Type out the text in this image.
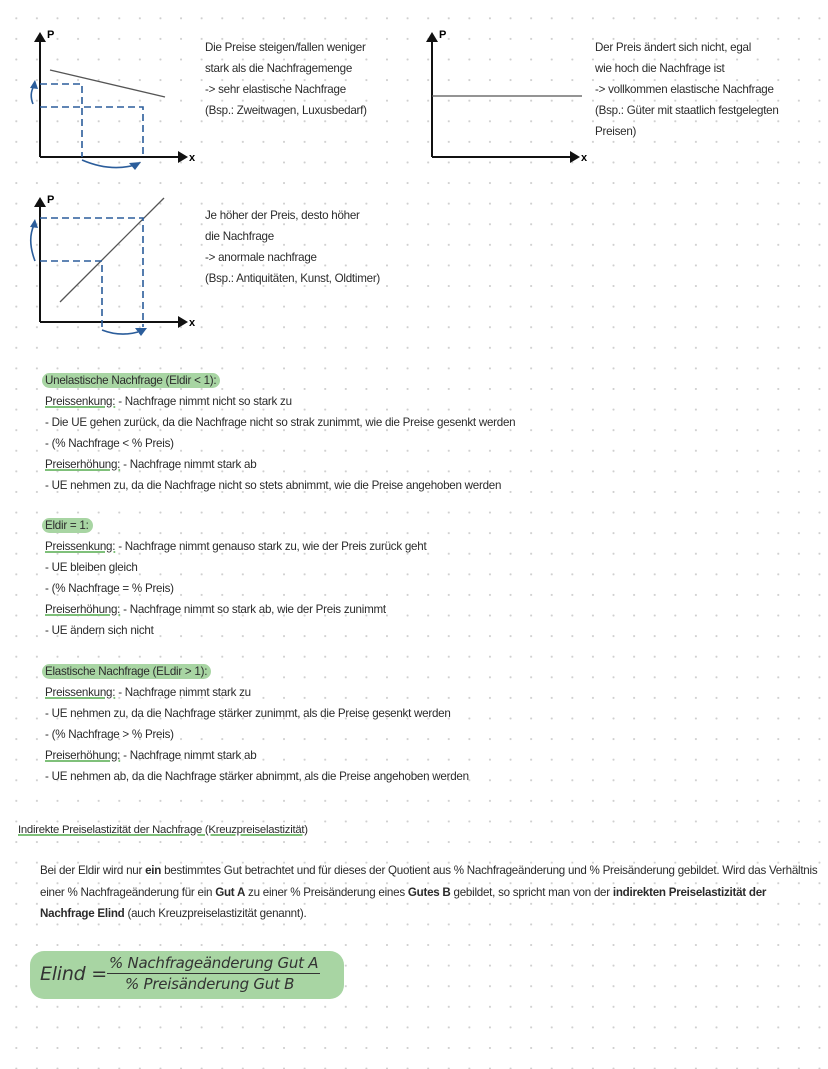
P
x
Die Preise steigen/fallen weniger
stark als die Nachfragemenge
-> sehr elastische Nachfrage
(Bsp.: Zweitwagen, Luxusbedarf)
P
x
Der Preis ändert sich nicht, egal
wie hoch die Nachfrage ist
-> vollkommen elastische Nachfrage
(Bsp.: Güter mit staatlich festgelegten
Preisen)
P
x
Je höher der Preis, desto höher
die Nachfrage
-> anormale nachfrage
(Bsp.: Antiquitäten, Kunst, Oldtimer)
Unelastische Nachfrage (Eldir < 1):
Preissenkung: - Nachfrage nimmt nicht so stark zu
- Die UE gehen zurück, da die Nachfrage nicht so strak zunimmt, wie die Preise gesenkt werden
- (% Nachfrage < % Preis)
Preiserhöhung: - Nachfrage nimmt stark ab
- UE nehmen zu, da die Nachfrage nicht so stets abnimmt, wie die Preise angehoben werden
Eldir = 1:
Preissenkung: - Nachfrage nimmt genauso stark zu, wie der Preis zurück geht
- UE bleiben gleich
- (% Nachfrage = % Preis)
Preiserhöhung: - Nachfrage nimmt so stark ab, wie der Preis zunimmt
- UE ändern sich nicht
Elastische Nachfrage (ELdir > 1):
Preissenkung: - Nachfrage nimmt stark zu
- UE nehmen zu, da die Nachfrage stärker zunimmt, als die Preise gesenkt werden
- (% Nachfrage > % Preis)
Preiserhöhung: - Nachfrage nimmt stark ab
- UE nehmen ab, da die Nachfrage stärker abnimmt, als die Preise angehoben werden
Indirekte Preiselastizität der Nachfrage (Kreuzpreiselastizität)
Bei der Eldir wird nur ein bestimmtes Gut betrachtet und für dieses der Quotient aus % Nachfrageänderung und % Preisänderung gebildet. Wird das Verhältnis einer % Nachfrageänderung für ein Gut A zu einer % Preisänderung eines Gutes B gebildet, so spricht man von der indirekten Preiselastizität der Nachfrage Elind (auch Kreuzpreiselastizität genannt).
Elind = % Nachfrageänderung Gut A
% Preisänderung Gut B
